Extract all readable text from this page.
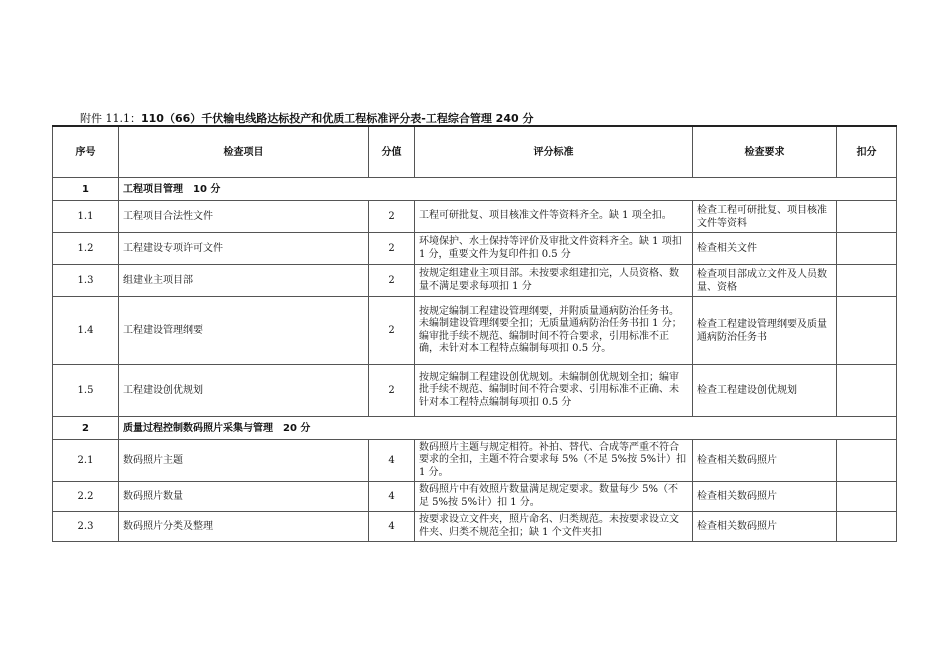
附件 11.1：110（66）千伏输电线路达标投产和优质工程标准评分表-工程综合管理 240 分
序号	检查项目	分值	评分标准	检查要求	扣分
1	工程项目管理　10 分				
1.1	工程项目合法性文件	2	工程可研批复、项目核准文件等资料齐全。缺 1 项全扣。	检查工程可研批复、项目核准文件等资料	
1.2	工程建设专项许可文件	2	环境保护、水土保持等评价及审批文件资料齐全。缺 1 项扣 1 分，重要文件为复印件扣 0.5 分	检查相关文件	
1.3	组建业主项目部	2	按规定组建业主项目部。未按要求组建扣完，人员资格、数量不满足要求每项扣 1 分	检查项目部成立文件及人员数量、资格	
1.4	工程建设管理纲要	2	按规定编制工程建设管理纲要，并附质量通病防治任务书。未编制建设管理纲要全扣；无质量通病防治任务书扣 1 分；编审批手续不规范、编制时间不符合要求，引用标准不正确，未针对本工程特点编制每项扣 0.5 分。	检查工程建设管理纲要及质量通病防治任务书	
1.5	工程建设创优规划	2	按规定编制工程建设创优规划。未编制创优规划全扣；编审批手续不规范、编制时间不符合要求、引用标准不正确、未针对本工程特点编制每项扣 0.5 分	检查工程建设创优规划	
2	质量过程控制数码照片采集与管理　20 分				
2.1	数码照片主题	4	数码照片主题与规定相符。补拍、替代、合成等严重不符合要求的全扣，主题不符合要求每 5%（不足 5%按 5%计）扣 1 分。	检查相关数码照片	
2.2	数码照片数量	4	数码照片中有效照片数量满足规定要求。数量每少 5%（不足 5%按 5%计）扣 1 分。	检查相关数码照片	
2.3	数码照片分类及整理	4	按要求设立文件夹，照片命名、归类规范。未按要求设立文件夹、归类不规范全扣；缺 1 个文件夹扣	检查相关数码照片	
